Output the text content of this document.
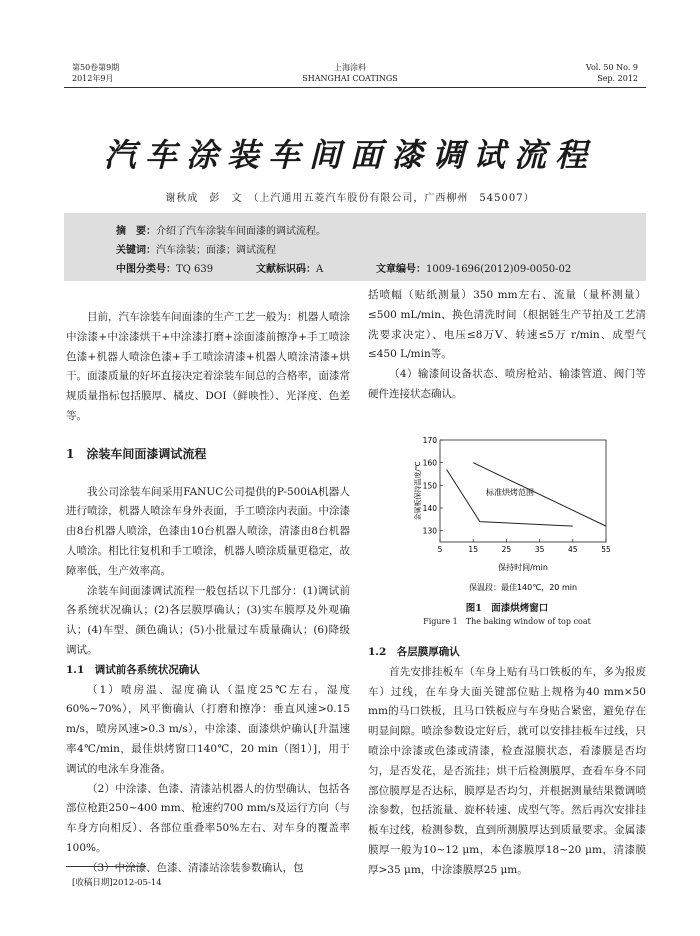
第50卷第9期
2012年9月
上海涂料
SHANGHAI COATINGS
Vol. 50 No. 9
Sep. 2012
汽车涂装车间面漆调试流程
谢秋成　彭　文　（上汽通用五菱汽车股份有限公司，广西柳州　545007）
摘　要：介绍了汽车涂装车间面漆的调试流程。
关键词：汽车涂装；面漆；调试流程
中图分类号：TQ 639	文献标识码：A	文章编号：1009-1696(2012)09-0050-02

目前，汽车涂装车间面漆的生产工艺一般为：机器人喷涂中涂漆+中涂漆烘干+中涂漆打磨+涂面漆前擦净+手工喷涂色漆+机器人喷涂色漆+手工喷涂清漆+机器人喷涂清漆+烘干。面漆质量的好坏直接决定着涂装车间总的合格率，面漆常规质量指标包括膜厚、橘皮、DOI（鲜映性）、光泽度、色差等。

1　涂装车间面漆调试流程

我公司涂装车间采用FANUC公司提供的P-500iA机器人进行喷涂，机器人喷涂车身外表面，手工喷涂内表面。中涂漆由8台机器人喷涂，色漆由10台机器人喷涂，清漆由8台机器人喷涂。相比往复机和手工喷涂，机器人喷涂质量更稳定，故障率低，生产效率高。

涂装车间面漆调试流程一般包括以下几部分：(1)调试前各系统状况确认；(2)各层膜厚确认；(3)实车膜厚及外观确认；(4)车型、颜色确认；(5)小批量过车质量确认；(6)降级调试。

1.1　调试前各系统状况确认

（1）喷房温、湿度确认（温度25℃左右，湿度60%~70%），风平衡确认（打磨和擦净：垂直风速>0.15 m/s，喷房风速>0.3 m/s），中涂漆、面漆烘炉确认[升温速率4℃/min，最佳烘烤窗口140℃，20 min（图1）]，用于调试的电泳车身准备。

（2）中涂漆、色漆、清漆站机器人的仿型确认，包括各部位枪距250~400 mm、枪速约700 mm/s及运行方向（与车身方向相反）、各部位重叠率50%左右、对车身的覆盖率100%。

（3）中涂漆、色漆、清漆站涂装参数确认，包

括喷幅（贴纸测量）350 mm左右、流量（量杯测量）≤500 mL/min、换色清洗时间（根据链生产节拍及工艺清洗要求决定）、电压≤8万V、转速≤5万 r/min、成型气≤450 L/min等。

（4）输漆间设备状态、喷房枪站、输漆管道、阀门等硬件连接状态确认。

5	15	25	35	45	55
130
140
150
160
170
标准烘烤范围
保持时间/min
金属板保持温度/℃
保温段：最佳140℃，20 min
图1　面漆烘烤窗口
Figure 1　The baking window of top coat

1.2　各层膜厚确认

首先安排挂板车（车身上贴有马口铁板的车，多为报废车）过线，在车身大面关键部位贴上规格为40 mm×50 mm的马口铁板，且马口铁板应与车身贴合紧密，避免存在明显间隙。喷涂参数设定好后，就可以安排挂板车过线，只喷涂中涂漆或色漆或清漆，检查湿膜状态，看漆膜是否均匀，是否发花，是否流挂；烘干后检测膜厚，查看车身不同部位膜厚是否达标，膜厚是否均匀，并根据测量结果微调喷涂参数，包括流量、旋杯转速、成型气等。然后再次安排挂板车过线，检测参数，直到所测膜厚达到质量要求。金属漆膜厚一般为10~12 μm，本色漆膜厚18~20 μm，清漆膜厚>35 μm，中涂漆膜厚25 μm。

[收稿日期]2012-05-14
